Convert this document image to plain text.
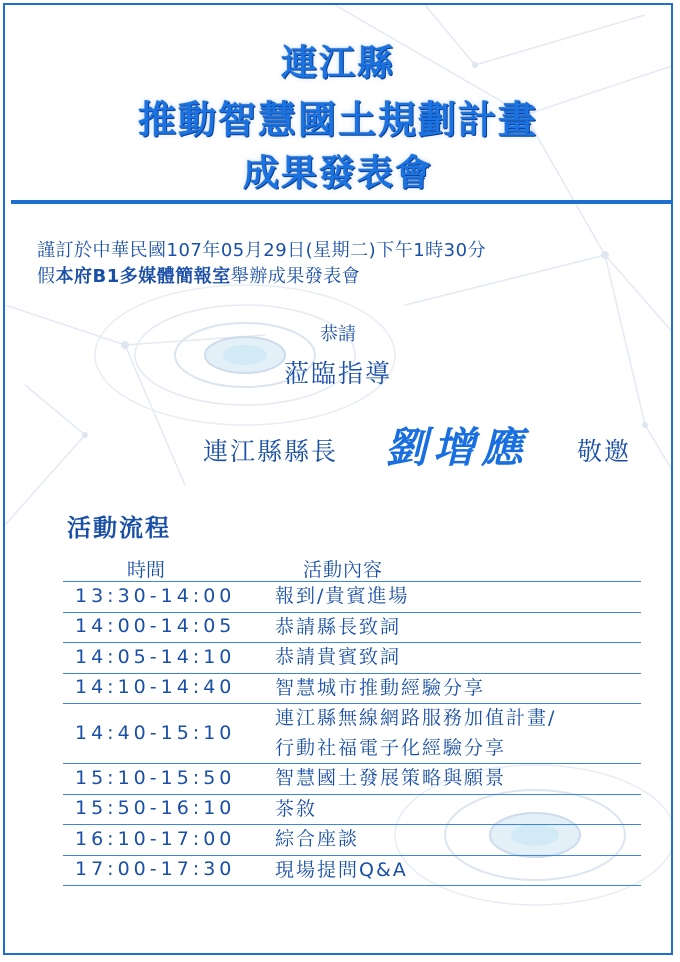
連江縣
推動智慧國土規劃計畫
成果發表會
謹訂於中華民國107年05月29日(星期二)下午1時30分
假本府B1多媒體簡報室舉辦成果發表會
恭請
蒞臨指導
連江縣縣長 劉增應 敬邀
活動流程
時間	活動內容
13:30-14:00 報到/貴賓進場
14:00-14:05 恭請縣長致詞
14:05-14:10 恭請貴賓致詞
14:10-14:40 智慧城市推動經驗分享
14:40-15:10
連江縣無線網路服務加值計畫/
行動社福電子化經驗分享
15:10-15:50 智慧國土發展策略與願景
15:50-16:10 茶敘
16:10-17:00 綜合座談
17:00-17:30 現場提問Q&A
